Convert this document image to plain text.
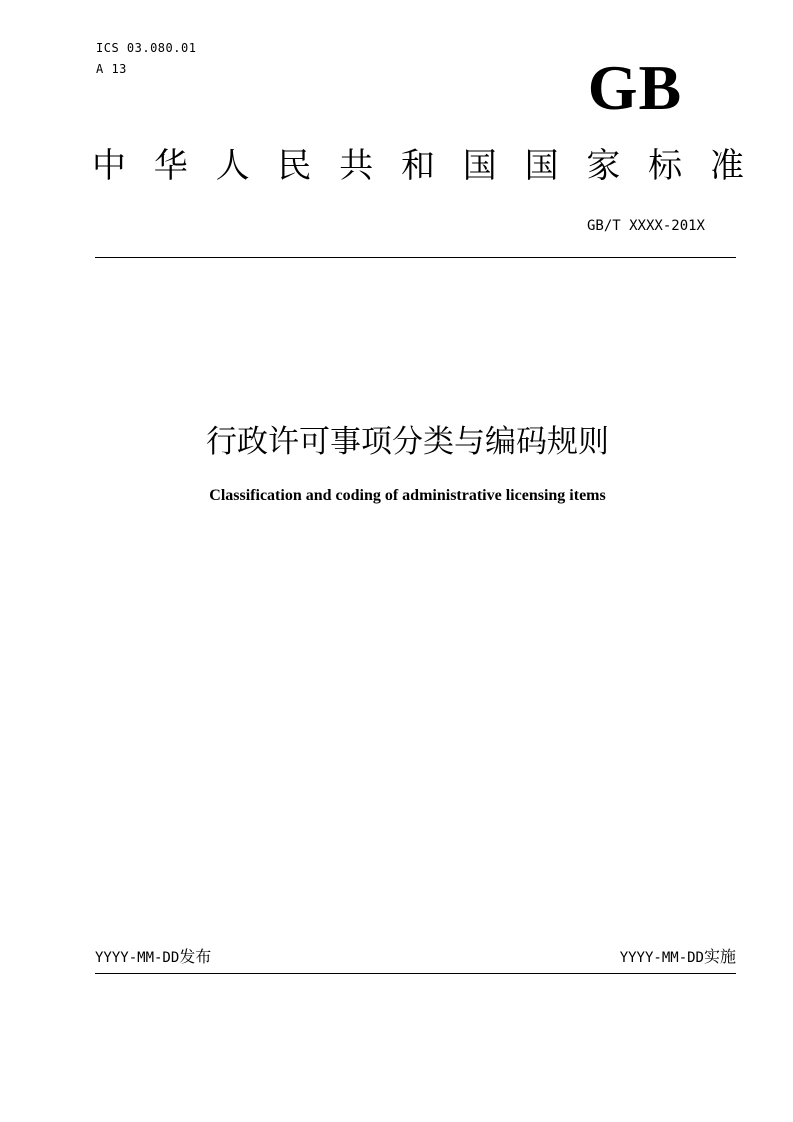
ICS 03.080.01
A 13	GB
中 华 人 民 共 和 国 国 家 标 准
GB/T XXXX-201X
行政许可事项分类与编码规则
Classification and coding of administrative licensing items
YYYY-MM-DD发布	YYYY-MM-DD实施
